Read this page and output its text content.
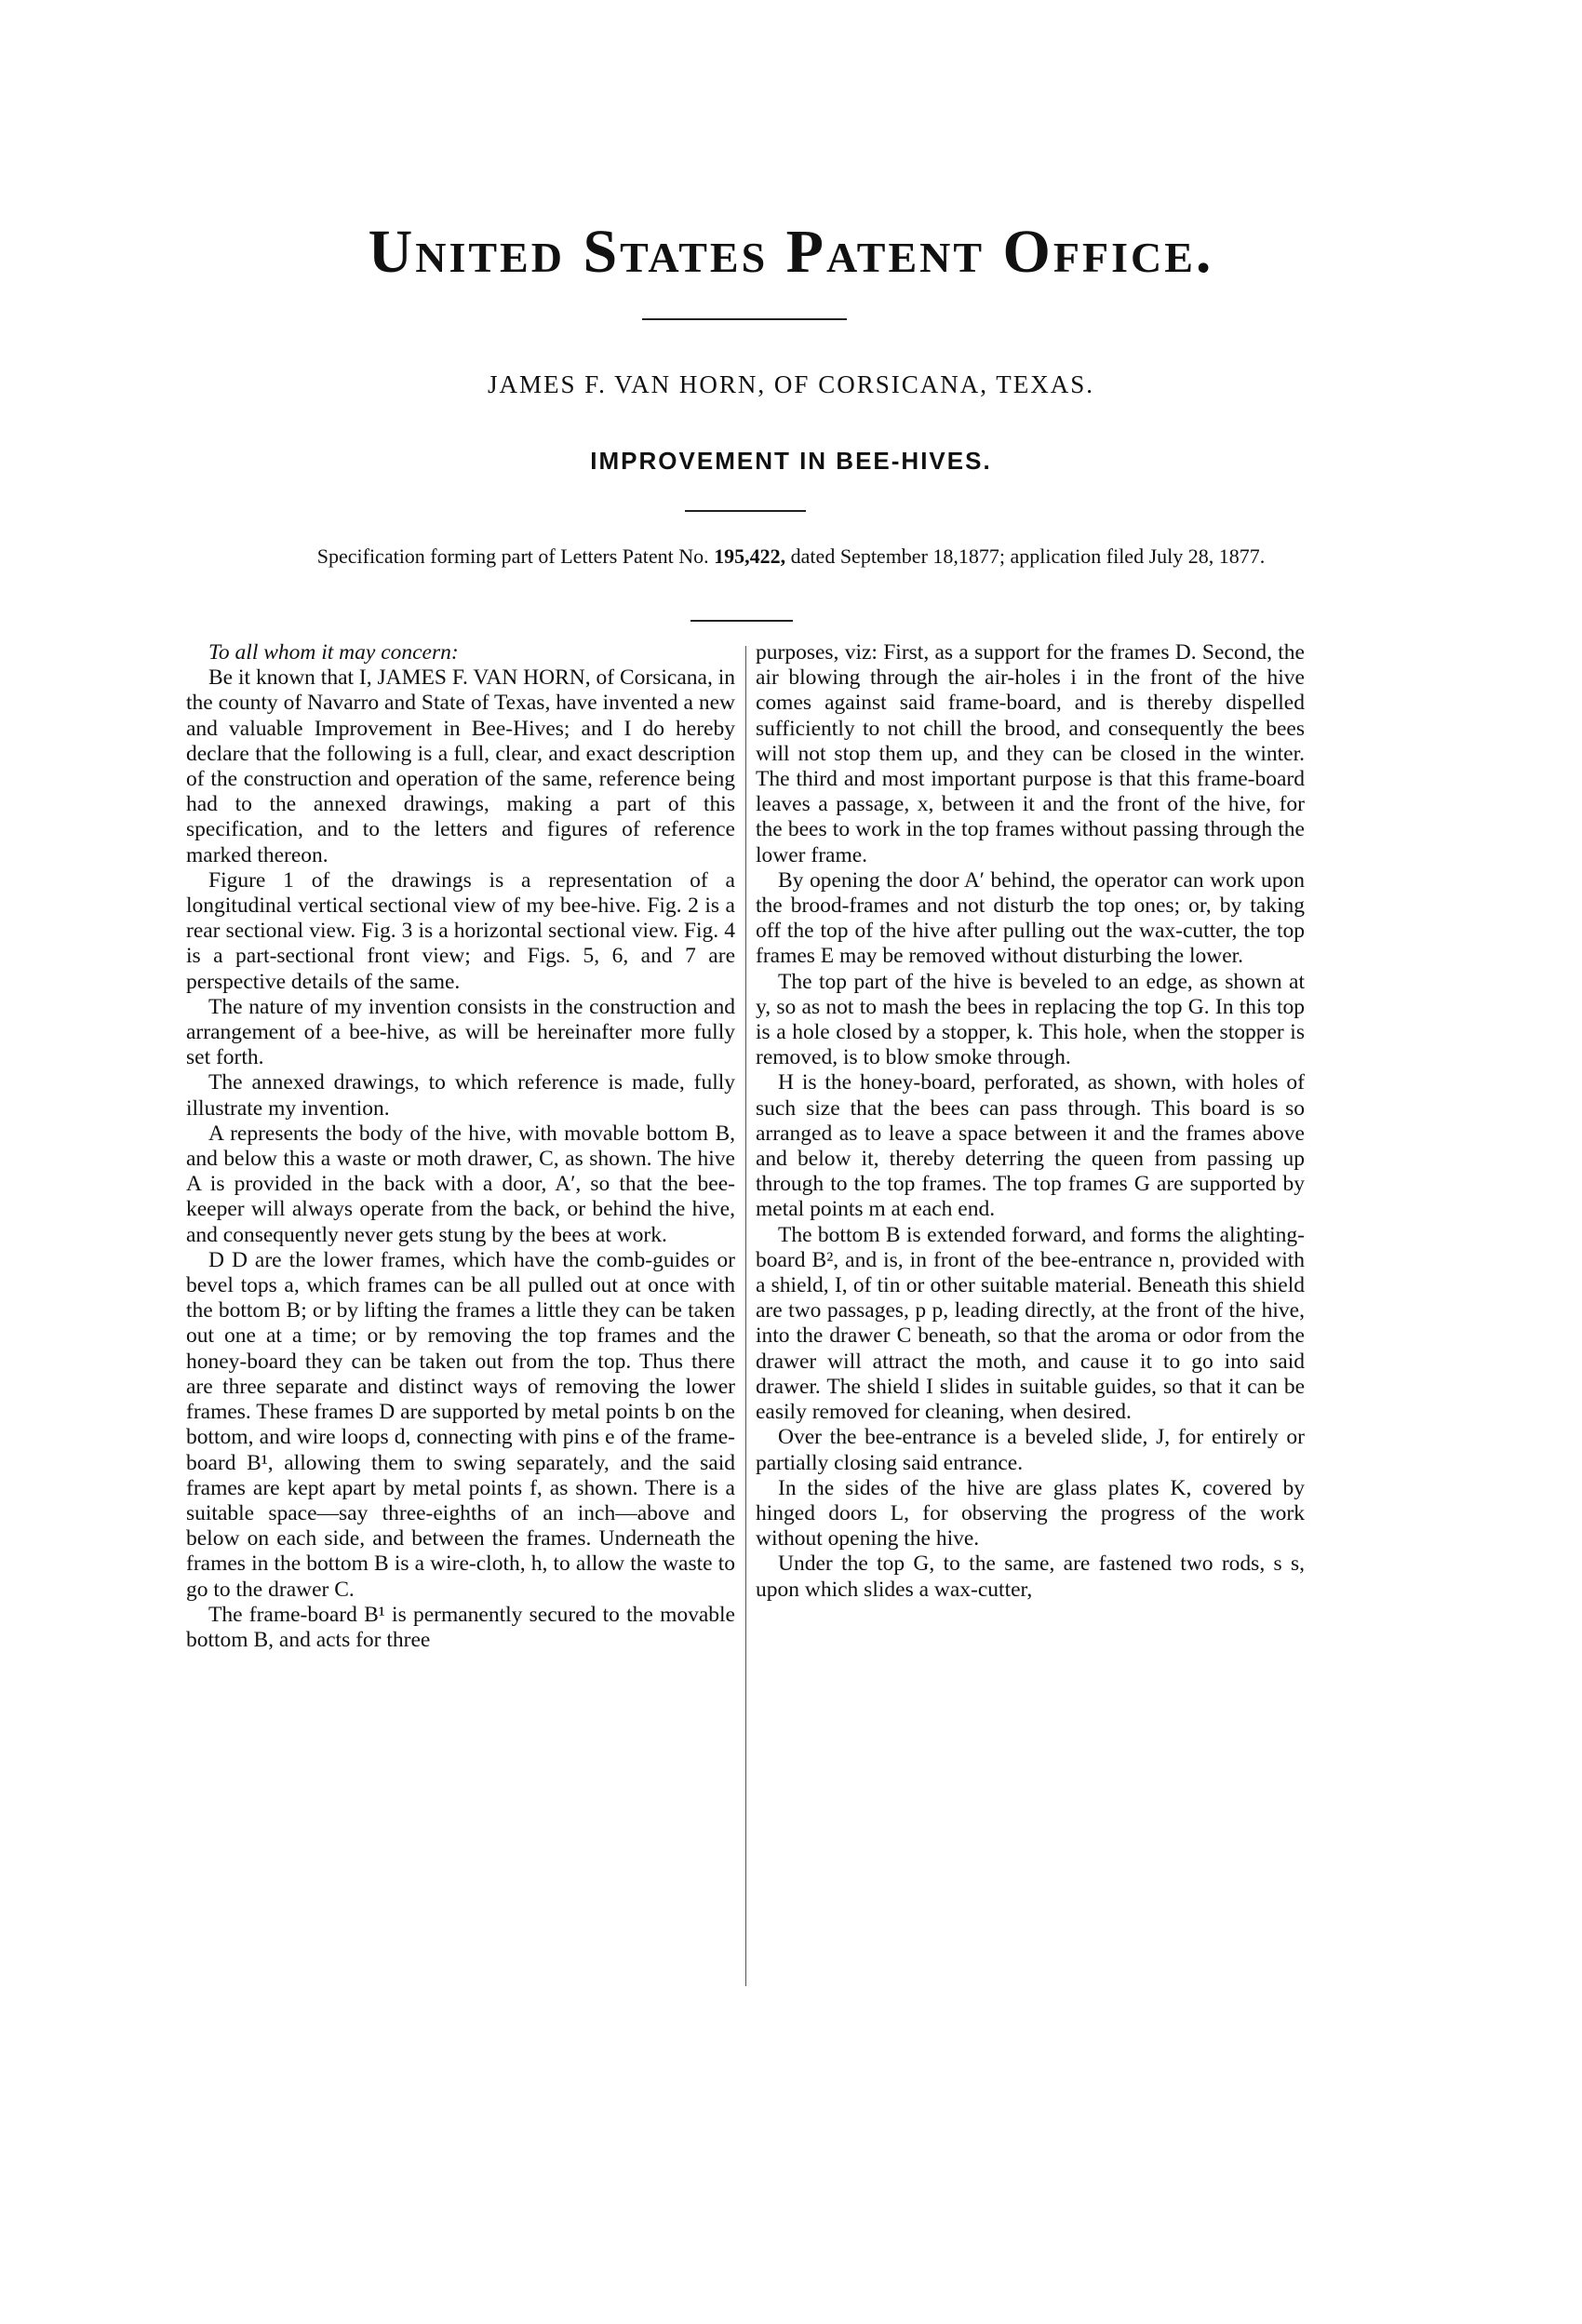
United States Patent Office.
JAMES F. VAN HORN, OF CORSICANA, TEXAS.
IMPROVEMENT IN BEE-HIVES.
Specification forming part of Letters Patent No. 195,422, dated September 18,1877; application filed July 28, 1877.

To all whom it may concern:

Be it known that I, JAMES F. VAN HORN, of Corsicana, in the county of Navarro and State of Texas, have invented a new and valuable Improvement in Bee-Hives; and I do hereby declare that the following is a full, clear, and exact description of the construction and operation of the same, reference being had to the annexed drawings, making a part of this specification, and to the letters and figures of reference marked thereon.

Figure 1 of the drawings is a representation of a longitudinal vertical sectional view of my bee-hive. Fig. 2 is a rear sectional view. Fig. 3 is a horizontal sectional view. Fig. 4 is a part-sectional front view; and Figs. 5, 6, and 7 are perspective details of the same.

The nature of my invention consists in the construction and arrangement of a bee-hive, as will be hereinafter more fully set forth.

The annexed drawings, to which reference is made, fully illustrate my invention.

A represents the body of the hive, with movable bottom B, and below this a waste or moth drawer, C, as shown. The hive A is provided in the back with a door, A′, so that the bee-keeper will always operate from the back, or behind the hive, and consequently never gets stung by the bees at work.

D D are the lower frames, which have the comb-guides or bevel tops a, which frames can be all pulled out at once with the bottom B; or by lifting the frames a little they can be taken out one at a time; or by removing the top frames and the honey-board they can be taken out from the top. Thus there are three separate and distinct ways of removing the lower frames. These frames D are supported by metal points b on the bottom, and wire loops d, connecting with pins e of the frame-board B¹, allowing them to swing separately, and the said frames are kept apart by metal points f, as shown. There is a suitable space—say three-eighths of an inch—above and below on each side, and between the frames. Underneath the frames in the bottom B is a wire-cloth, h, to allow the waste to go to the drawer C.

The frame-board B¹ is permanently secured to the movable bottom B, and acts for three

purposes, viz: First, as a support for the frames D. Second, the air blowing through the air-holes i in the front of the hive comes against said frame-board, and is thereby dispelled sufficiently to not chill the brood, and consequently the bees will not stop them up, and they can be closed in the winter. The third and most important purpose is that this frame-board leaves a passage, x, between it and the front of the hive, for the bees to work in the top frames without passing through the lower frame.

By opening the door A′ behind, the operator can work upon the brood-frames and not disturb the top ones; or, by taking off the top of the hive after pulling out the wax-cutter, the top frames E may be removed without disturbing the lower.

The top part of the hive is beveled to an edge, as shown at y, so as not to mash the bees in replacing the top G. In this top is a hole closed by a stopper, k. This hole, when the stopper is removed, is to blow smoke through.

H is the honey-board, perforated, as shown, with holes of such size that the bees can pass through. This board is so arranged as to leave a space between it and the frames above and below it, thereby deterring the queen from passing up through to the top frames. The top frames G are supported by metal points m at each end.

The bottom B is extended forward, and forms the alighting-board B², and is, in front of the bee-entrance n, provided with a shield, I, of tin or other suitable material. Beneath this shield are two passages, p p, leading directly, at the front of the hive, into the drawer C beneath, so that the aroma or odor from the drawer will attract the moth, and cause it to go into said drawer. The shield I slides in suitable guides, so that it can be easily removed for cleaning, when desired.

Over the bee-entrance is a beveled slide, J, for entirely or partially closing said entrance.

In the sides of the hive are glass plates K, covered by hinged doors L, for observing the progress of the work without opening the hive.

Under the top G, to the same, are fastened two rods, s s, upon which slides a wax-cutter,
